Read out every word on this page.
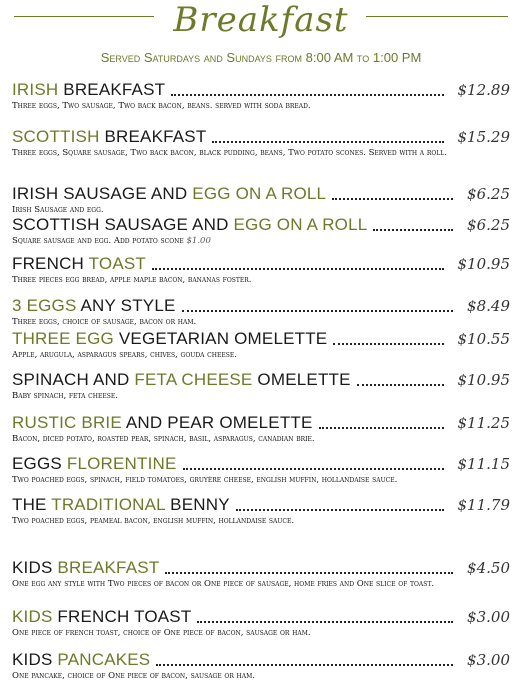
Breakfast
Served Saturdays and Sundays from 8:00 AM to 1:00 PM
IRISH BREAKFAST	$12.89
Three eggs, Two sausage, Two back bacon, beans. served with soda bread.
SCOTTISH BREAKFAST	$15.29
Three eggs, Square sausage, Two back bacon, black pudding, beans, Two potato scones. Served with a roll.
IRISH SAUSAGE AND EGG ON A ROLL	$6.25
Irish Sausage and egg.
SCOTTISH SAUSAGE AND EGG ON A ROLL	$6.25
Square sausage and egg. Add potato scone $1.00
FRENCH TOAST	$10.95
Three pieces egg bread, apple maple bacon, bananas foster.
3 EGGS ANY STYLE	$8.49
Three eggs, choice of sausage, bacon or ham.
THREE EGG VEGETARIAN OMELETTE	$10.55
Apple, arugula, asparagus spears, chives, gouda cheese.
SPINACH AND FETA CHEESE OMELETTE	$10.95
Baby spinach, feta cheese.
RUSTIC BRIE AND PEAR OMELETTE	$11.25
Bacon, diced potato, roasted pear, spinach, basil, asparagus, canadian brie.
EGGS FLORENTINE	$11.15
Two poached eggs, spinach, field tomatoes, gruyère cheese, english muffin, hollandaise sauce.
THE TRADITIONAL BENNY	$11.79
Two poached eggs, peameal bacon, english muffin, hollandaise sauce.
KIDS BREAKFAST	$4.50
One egg any style with Two pieces of bacon or One piece of sausage, home fries and One slice of toast.
KIDS FRENCH TOAST	$3.00
One piece of french toast, choice of One piece of bacon, sausage or ham.
KIDS PANCAKES	$3.00
One pancake, choice of One piece of bacon, sausage or ham.
